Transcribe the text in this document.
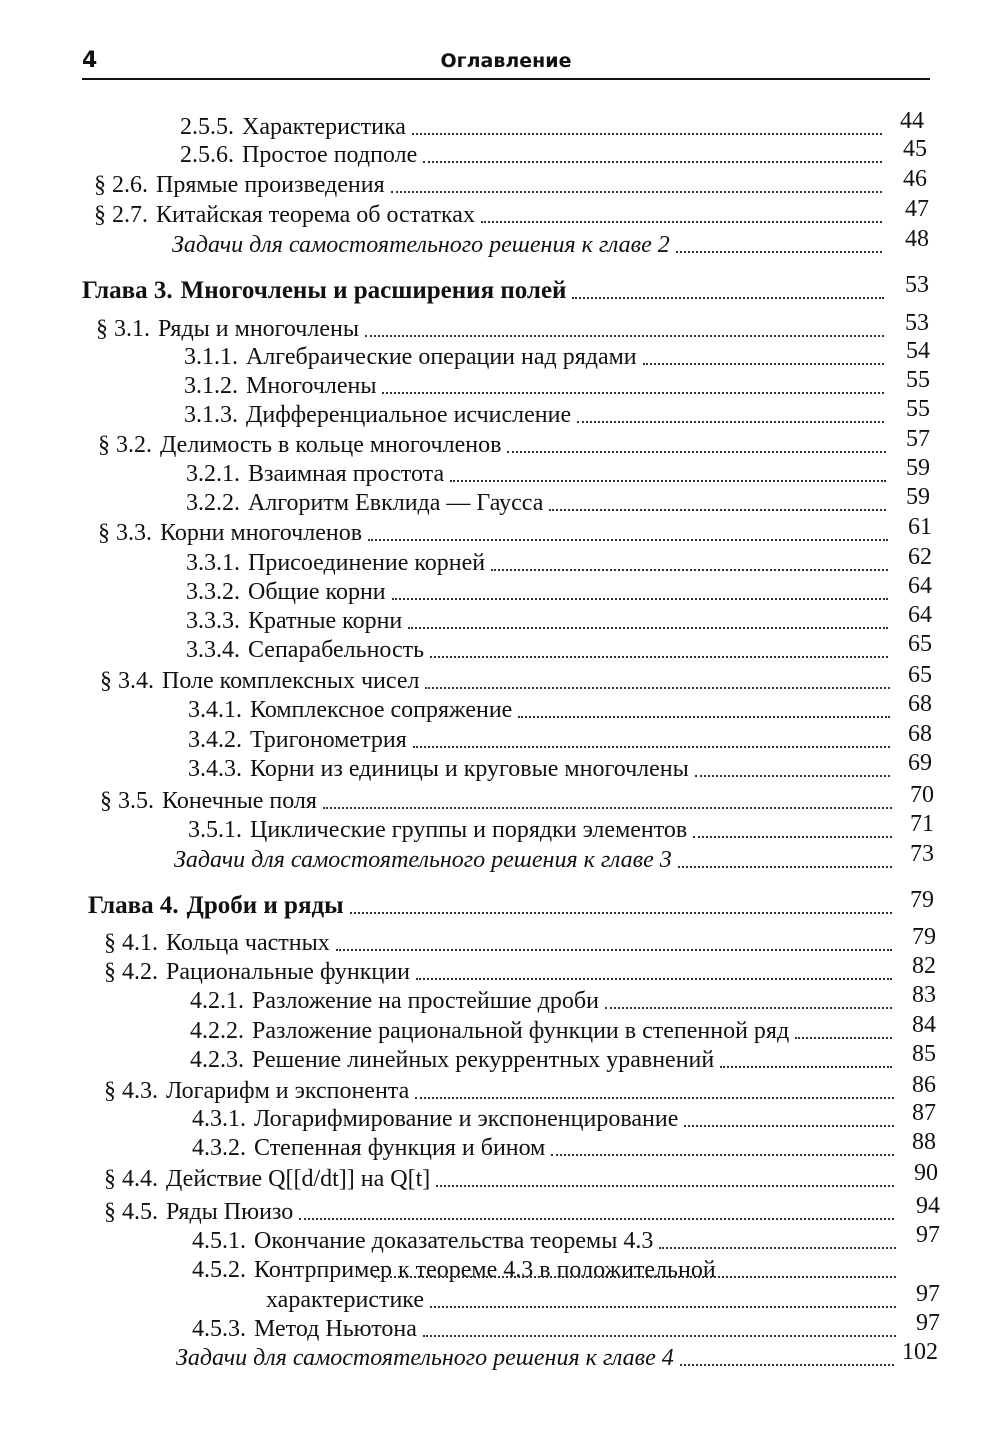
4	Оглавление
2.5.5. Характеристика	44
2.5.6. Простое подполе	45
§ 2.6. Прямые произведения	46
§ 2.7. Китайская теорема об остатках	47
Задачи для самостоятельного решения к главе 2	48
Глава 3. Многочлены и расширения полей	53
§ 3.1. Ряды и многочлены	53
3.1.1. Алгебраические операции над рядами	54
3.1.2. Многочлены	55
3.1.3. Дифференциальное исчисление	55
§ 3.2. Делимость в кольце многочленов	57
3.2.1. Взаимная простота	59
3.2.2. Алгоритм Евклида — Гаусса	59
§ 3.3. Корни многочленов	61
3.3.1. Присоединение корней	62
3.3.2. Общие корни	64
3.3.3. Кратные корни	64
3.3.4. Сепарабельность	65
§ 3.4. Поле комплексных чисел	65
3.4.1. Комплексное сопряжение	68
3.4.2. Тригонометрия	68
3.4.3. Корни из единицы и круговые многочлены	69
§ 3.5. Конечные поля	70
3.5.1. Циклические группы и порядки элементов	71
Задачи для самостоятельного решения к главе 3	73
Глава 4. Дроби и ряды	79
§ 4.1. Кольца частных	79
§ 4.2. Рациональные функции	82
4.2.1. Разложение на простейшие дроби	83
4.2.2. Разложение рациональной функции в степенной ряд	84
4.2.3. Решение линейных рекуррентных уравнений	85
§ 4.3. Логарифм и экспонента	86
4.3.1. Логарифмирование и экспоненцирование	87
4.3.2. Степенная функция и бином	88
§ 4.4. Действие Q[[d/dt]] на Q[t]	90
§ 4.5. Ряды Пюизо	94
4.5.1. Окончание доказательства теоремы 4.3	97
4.5.2. Контрпример к теореме 4.3 в положительной
характеристике	97
4.5.3. Метод Ньютона	97
Задачи для самостоятельного решения к главе 4	102
